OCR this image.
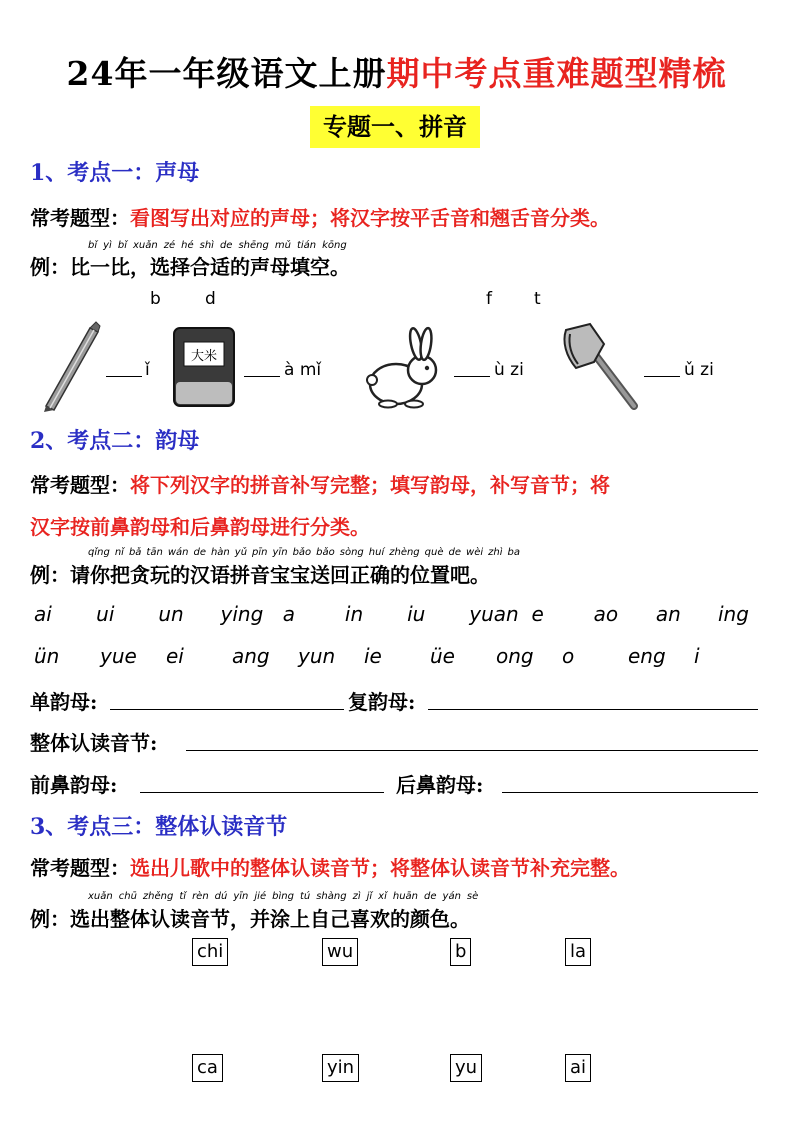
24年一年级语文上册期中考点重难题型精梳
专题一、拼音
1、考点一：声母
常考题型：看图写出对应的声母；将汉字按平舌音和翘舌音分类。
bǐ yì bǐ xuǎn zé hé shì de shēng mǔ tián kōng
例：比一比，选择合适的声母填空。
b	d	f t
ǐ
大米
à mǐ	ù zi	ǔ zi
2、考点二：韵母
常考题型：将下列汉字的拼音补写完整；填写韵母，补写音节；将
汉字按前鼻韵母和后鼻韵母进行分类。
qǐng nǐ bǎ tān wán de hàn yǔ pīn yīn bǎo bǎo sòng huí zhèng què de wèi zhì ba
例：请你把贪玩的汉语拼音宝宝送回正确的位置吧。
ai ui un ying a in iu yuan e ao an ing
ün yue ei ang yun ie üe ong o	eng i
单韵母:	复韵母:
整体认读音节:
前鼻韵母:	后鼻韵母:
3、考点三：整体认读音节
常考题型：选出儿歌中的整体认读音节；将整体认读音节补充完整。
xuǎn chū zhěng tǐ rèn dú yīn jié bìng tú shàng zì jǐ xǐ huān de yán sè
例：选出整体认读音节，并涂上自己喜欢的颜色。
chi	wu	b	la
ca	yin	yu	ai
